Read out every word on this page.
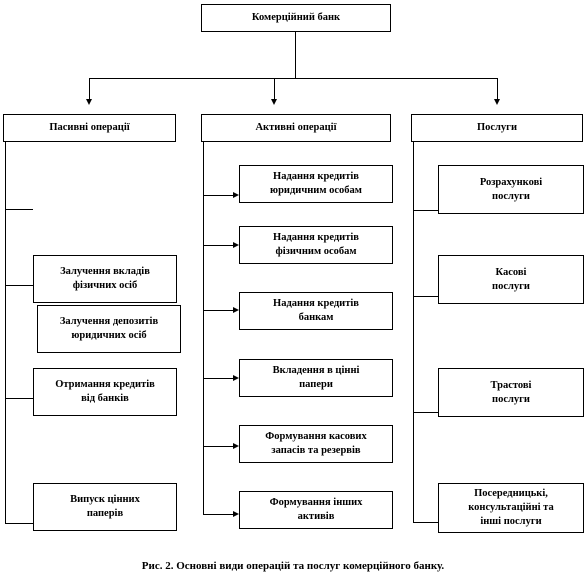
Комерційний банк
Пасивні операції	Активні операції	Послуги
Залучення вкладів
фізичних осіб
Залучення депозитів
юридичних осіб
Отримання кредитів
від банків
Випуск цінних
паперів
Надання кредитів
юридичним особам
Надання кредитів
фізичним особам
Надання кредитів
банкам
Вкладення в цінні
папери
Формування касових
запасів та резервів
Формування інших
активів
Розрахункові
послуги
Касові
послуги
Трастові
послуги
Посередницькі,
консультаційні та
інші послуги
Рис. 2. Основні види операцій та послуг комерційного банку.
